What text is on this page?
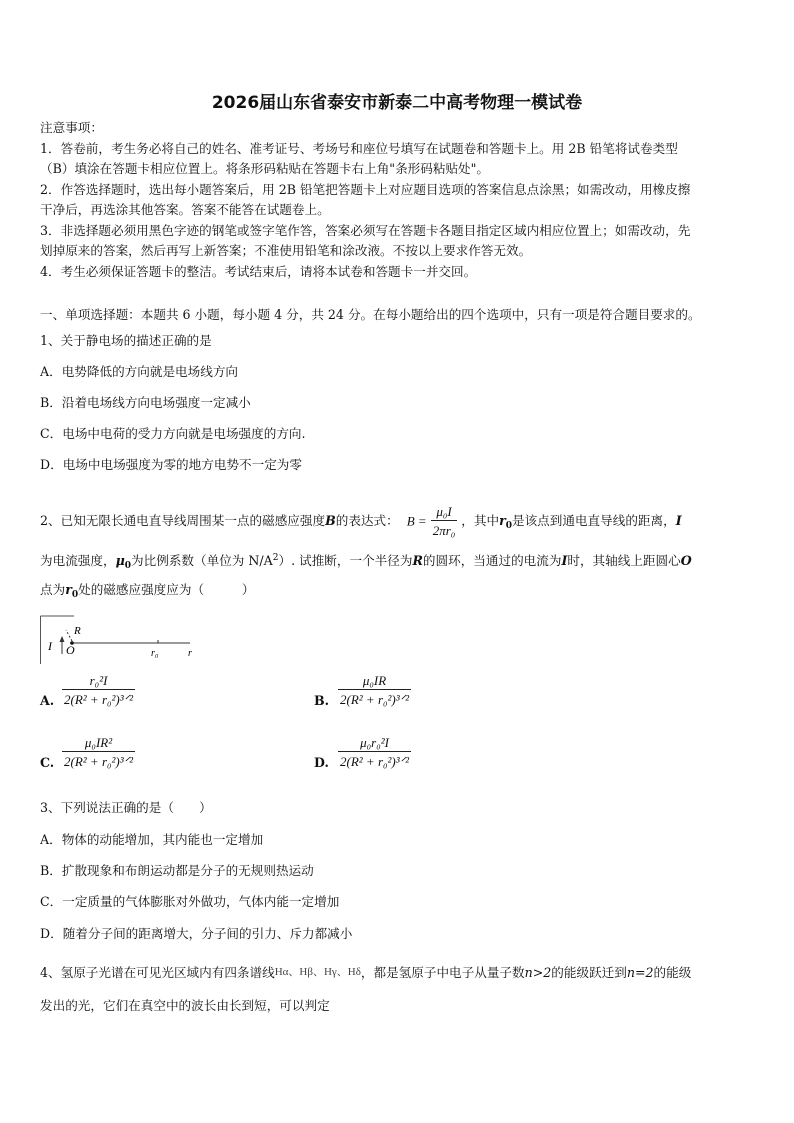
2026届山东省泰安市新泰二中高考物理一模试卷
注意事项：
1．答卷前，考生务必将自己的姓名、准考证号、考场号和座位号填写在试题卷和答题卡上。用 2B 铅笔将试卷类型
（B）填涂在答题卡相应位置上。将条形码粘贴在答题卡右上角"条形码粘贴处"。
2．作答选择题时，选出每小题答案后，用 2B 铅笔把答题卡上对应题目选项的答案信息点涂黑；如需改动，用橡皮擦
干净后，再选涂其他答案。答案不能答在试题卷上。
3．非选择题必须用黑色字迹的钢笔或签字笔作答，答案必须写在答题卡各题目指定区域内相应位置上；如需改动，先
划掉原来的答案，然后再写上新答案；不准使用铅笔和涂改液。不按以上要求作答无效。
4．考生必须保证答题卡的整洁。考试结束后，请将本试卷和答题卡一并交回。
一、单项选择题：本题共 6 小题，每小题 4 分，共 24 分。在每小题给出的四个选项中，只有一项是符合题目要求的。
1、关于静电场的描述正确的是
A．电势降低的方向就是电场线方向
B．沿着电场线方向电场强度一定减小
C．电场中电荷的受力方向就是电场强度的方向.
D．电场中电场强度为零的地方电势不一定为零
2、已知无限长通电直导线周围某一点的磁感应强度B的表达式： $B = \frac{\text{μ₀I}}{\text{2πr₀}}$ ，其中$r_0$是该点到通电直导线的距离，I
为电流强度，$\mu_0$为比例系数（单位为 $N/A^2$）. 试推断，一个半径为R的圆环，当通过的电流为I时，其轴线上距圆心O
点为$r_0$处的磁感应强度应为（　　　）
I
R
O	r₀	r
A. $\frac{\text{r₀²I}}{\text{2(R² + r₀²)³ᐟ²}}$	B. $\frac{\text{μ₀IR}}{\text{2(R² + r₀²)³ᐟ²}}$
C. $\frac{\text{μ₀IR²}}{\text{2(R² + r₀²)³ᐟ²}}$	D. $\frac{\text{μ₀r₀²I}}{\text{2(R² + r₀²)³ᐟ²}}$
3、下列说法正确的是（　　）
A．物体的动能增加，其内能也一定增加
B．扩散现象和布朗运动都是分子的无规则热运动
C．一定质量的气体膨胀对外做功，气体内能一定增加
D．随着分子间的距离增大，分子间的引力、斥力都减小
4、氢原子光谱在可见光区域内有四条谱线Hα、Hβ、Hγ、Hδ，都是氢原子中电子从量子数n>2的能级跃迁到n=2的能级
发出的光，它们在真空中的波长由长到短，可以判定
